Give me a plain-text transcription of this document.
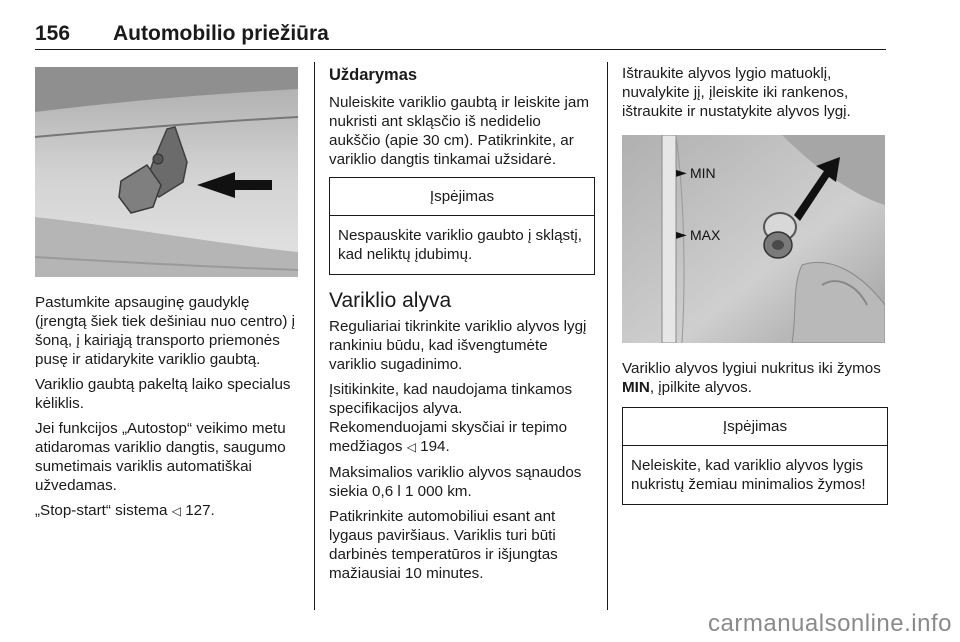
156 Automobilio priežiūra

Pastumkite apsauginę gaudyklę (įrengtą šiek tiek dešiniau nuo centro) į šoną, į kairiąją transporto priemonės pusę ir atidarykite variklio gaubtą.

Variklio gaubtą pakeltą laiko specialus kėliklis.

Jei funkcijos „Autostop“ veikimo metu atidaromas variklio dangtis, saugumo sumetimais variklis automatiškai užvedamas.

„Stop-start“ sistema ◁ 127.

Uždarymas

Nuleiskite variklio gaubtą ir leiskite jam nukristi ant skląsčio iš nedidelio aukščio (apie 30 cm). Patikrinkite, ar variklio dangtis tinkamai užsidarė.

Įspėjimas
Nespauskite variklio gaubto į skląstį, kad neliktų įdubimų.
Variklio alyva

Reguliariai tikrinkite variklio alyvos lygį rankiniu būdu, kad išvengtumėte variklio sugadinimo.

Įsitikinkite, kad naudojama tinkamos specifikacijos alyva.
Rekomenduojami skysčiai ir tepimo medžiagos ◁ 194.

Maksimalios variklio alyvos sąnaudos siekia 0,6 l 1 000 km.

Patikrinkite automobiliui esant ant lygaus paviršiaus. Variklis turi būti darbinės temperatūros ir išjungtas mažiausiai 10 minutes.

Ištraukite alyvos lygio matuoklį, nuvalykite jį, įleiskite iki rankenos, ištraukite ir nustatykite alyvos lygį.

► MIN
► MAX

Variklio alyvos lygiui nukritus iki žymos MIN, įpilkite alyvos.

Įspėjimas
Neleiskite, kad variklio alyvos lygis nukristų žemiau minimalios žymos!
carmanualsonline.info
